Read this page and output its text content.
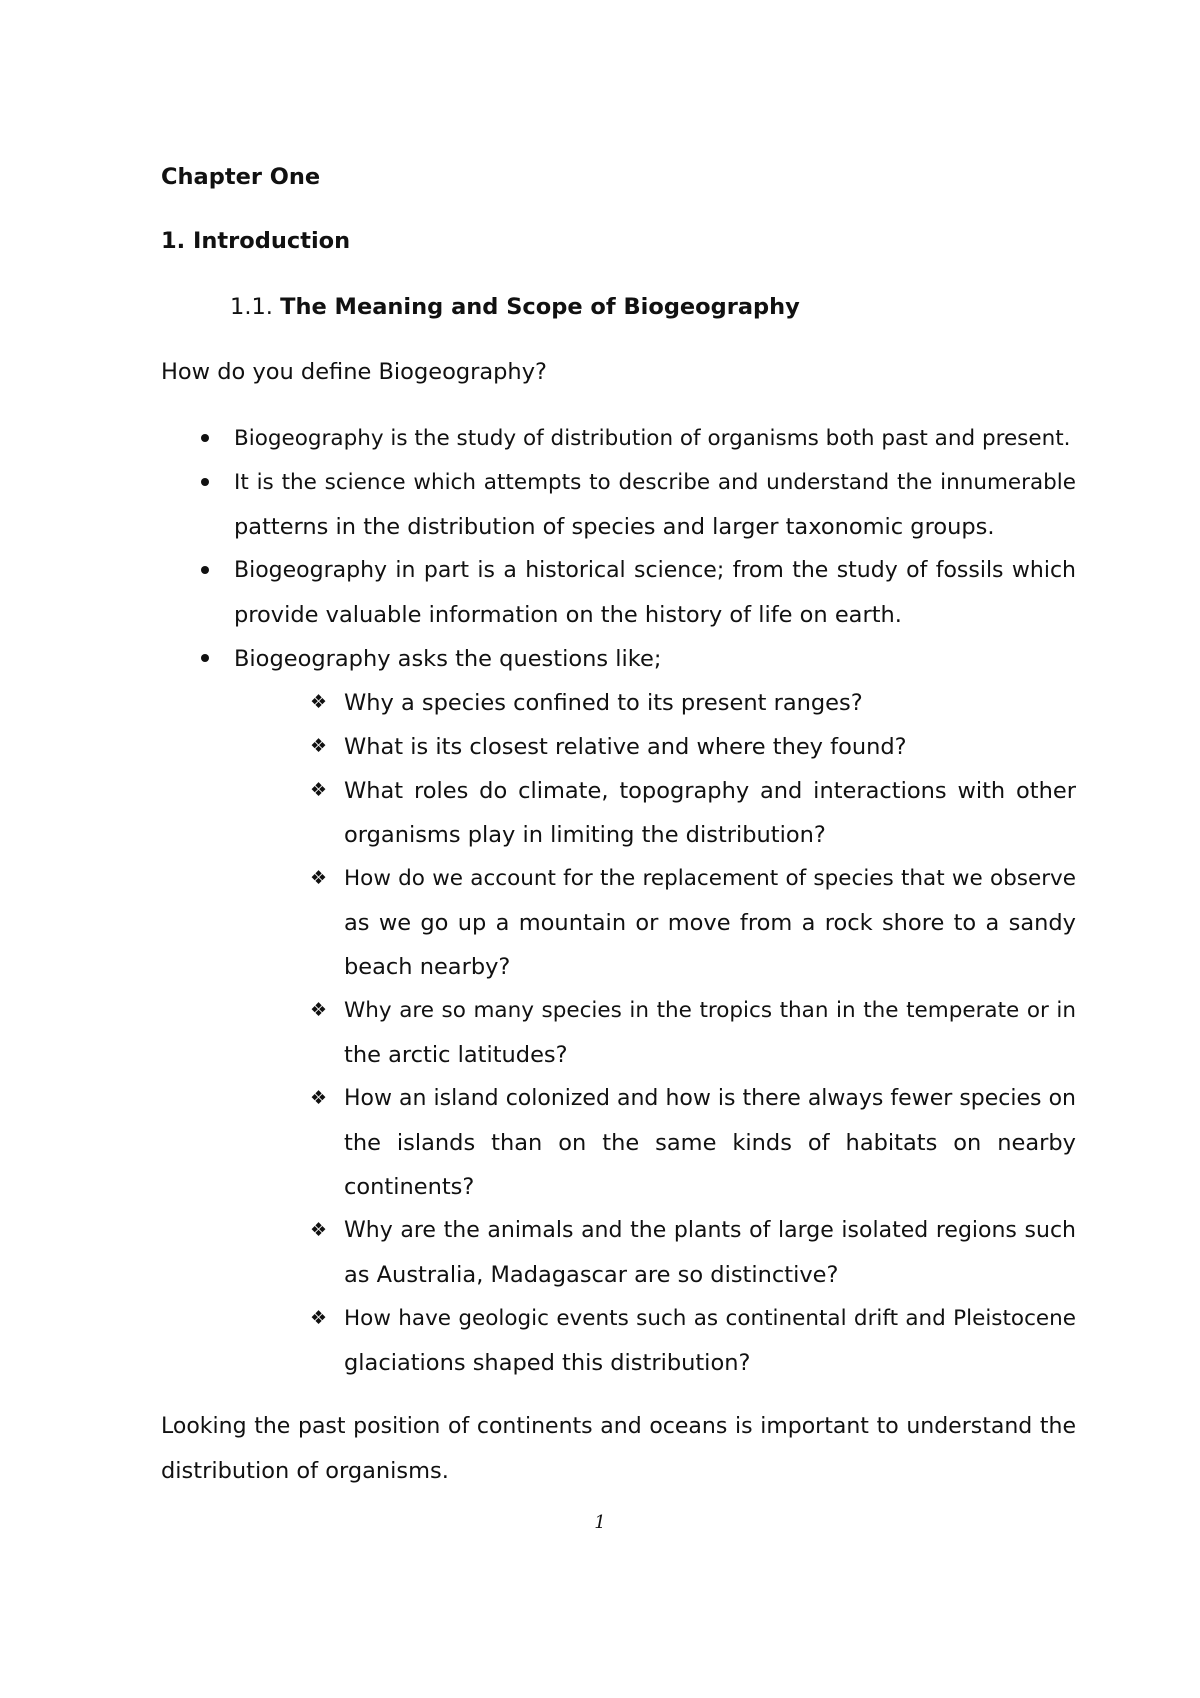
Chapter One
1. Introduction
1.1. The Meaning and Scope of Biogeography
How do you define Biogeography?
Biogeography is the study of distribution of organisms both past and present.
It is the science which attempts to describe and understand the innumerable
patterns in the distribution of species and larger taxonomic groups.
Biogeography in part is a historical science; from the study of fossils which
provide valuable information on the history of life on earth.
Biogeography asks the questions like;
❖ Why a species confined to its present ranges?
❖ What is its closest relative and where they found?
❖ What roles do climate, topography and interactions with other
organisms play in limiting the distribution?
❖ How do we account for the replacement of species that we observe
as we go up a mountain or move from a rock shore to a sandy
beach nearby?
❖ Why are so many species in the tropics than in the temperate or in
the arctic latitudes?
❖ How an island colonized and how is there always fewer species on
the islands than on the same kinds of habitats on nearby
continents?
❖ Why are the animals and the plants of large isolated regions such
as Australia, Madagascar are so distinctive?
❖ How have geologic events such as continental drift and Pleistocene
glaciations shaped this distribution?
Looking the past position of continents and oceans is important to understand the
distribution of organisms.
1
